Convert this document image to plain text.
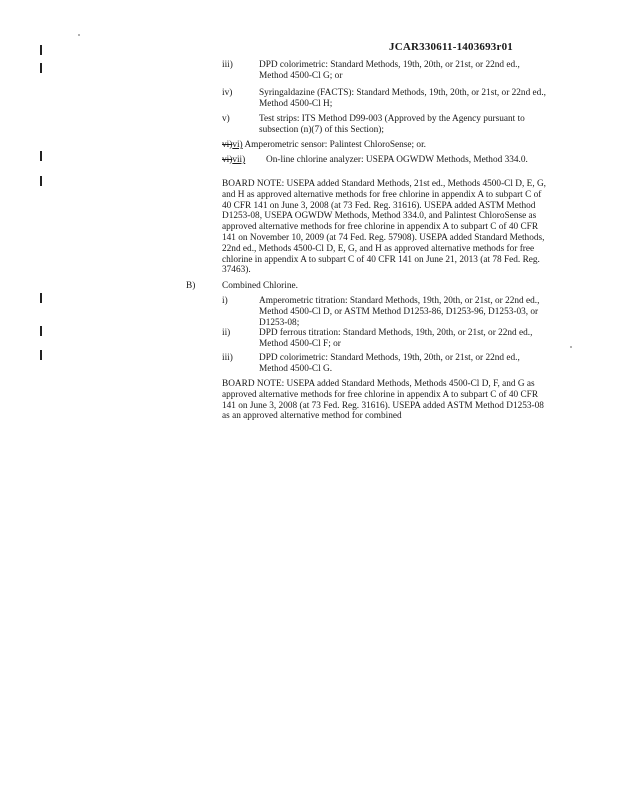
JCAR330611-1403693r01
iii)	DPD colorimetric: Standard Methods, 19th, 20th, or 21st, or 22nd ed., Method 4500-Cl G; or
iv)	Syringaldazine (FACTS): Standard Methods, 19th, 20th, or 21st, or 22nd ed., Method 4500-Cl H;
v)	Test strips: ITS Method D99-003 (Approved by the Agency pursuant to subsection (n)(7) of this Section);
vi)vi) Amperometric sensor: Palintest ChloroSense; or.
vi)vii) On-line chlorine analyzer: USEPA OGWDW Methods, Method 334.0.
BOARD NOTE: USEPA added Standard Methods, 21st ed., Methods 4500-Cl D, E, G, and H as approved alternative methods for free chlorine in appendix A to subpart C of 40 CFR 141 on June 3, 2008 (at 73 Fed. Reg. 31616). USEPA added ASTM Method D1253-08, USEPA OGWDW Methods, Method 334.0, and Palintest ChloroSense as approved alternative methods for free chlorine in appendix A to subpart C of 40 CFR 141 on November 10, 2009 (at 74 Fed. Reg. 57908). USEPA added Standard Methods, 22nd ed., Methods 4500-Cl D, E, G, and H as approved alternative methods for free chlorine in appendix A to subpart C of 40 CFR 141 on June 21, 2013 (at 78 Fed. Reg. 37463).
B)	Combined Chlorine.
i)	Amperometric titration: Standard Methods, 19th, 20th, or 21st, or 22nd ed., Method 4500-Cl D, or ASTM Method D1253-86, D1253-96, D1253-03, or D1253-08;
ii)	DPD ferrous titration: Standard Methods, 19th, 20th, or 21st, or 22nd ed., Method 4500-Cl F; or
iii)	DPD colorimetric: Standard Methods, 19th, 20th, or 21st, or 22nd ed., Method 4500-Cl G.
BOARD NOTE: USEPA added Standard Methods, Methods 4500-Cl D, F, and G as approved alternative methods for free chlorine in appendix A to subpart C of 40 CFR 141 on June 3, 2008 (at 73 Fed. Reg. 31616). USEPA added ASTM Method D1253-08 as an approved alternative method for combined
